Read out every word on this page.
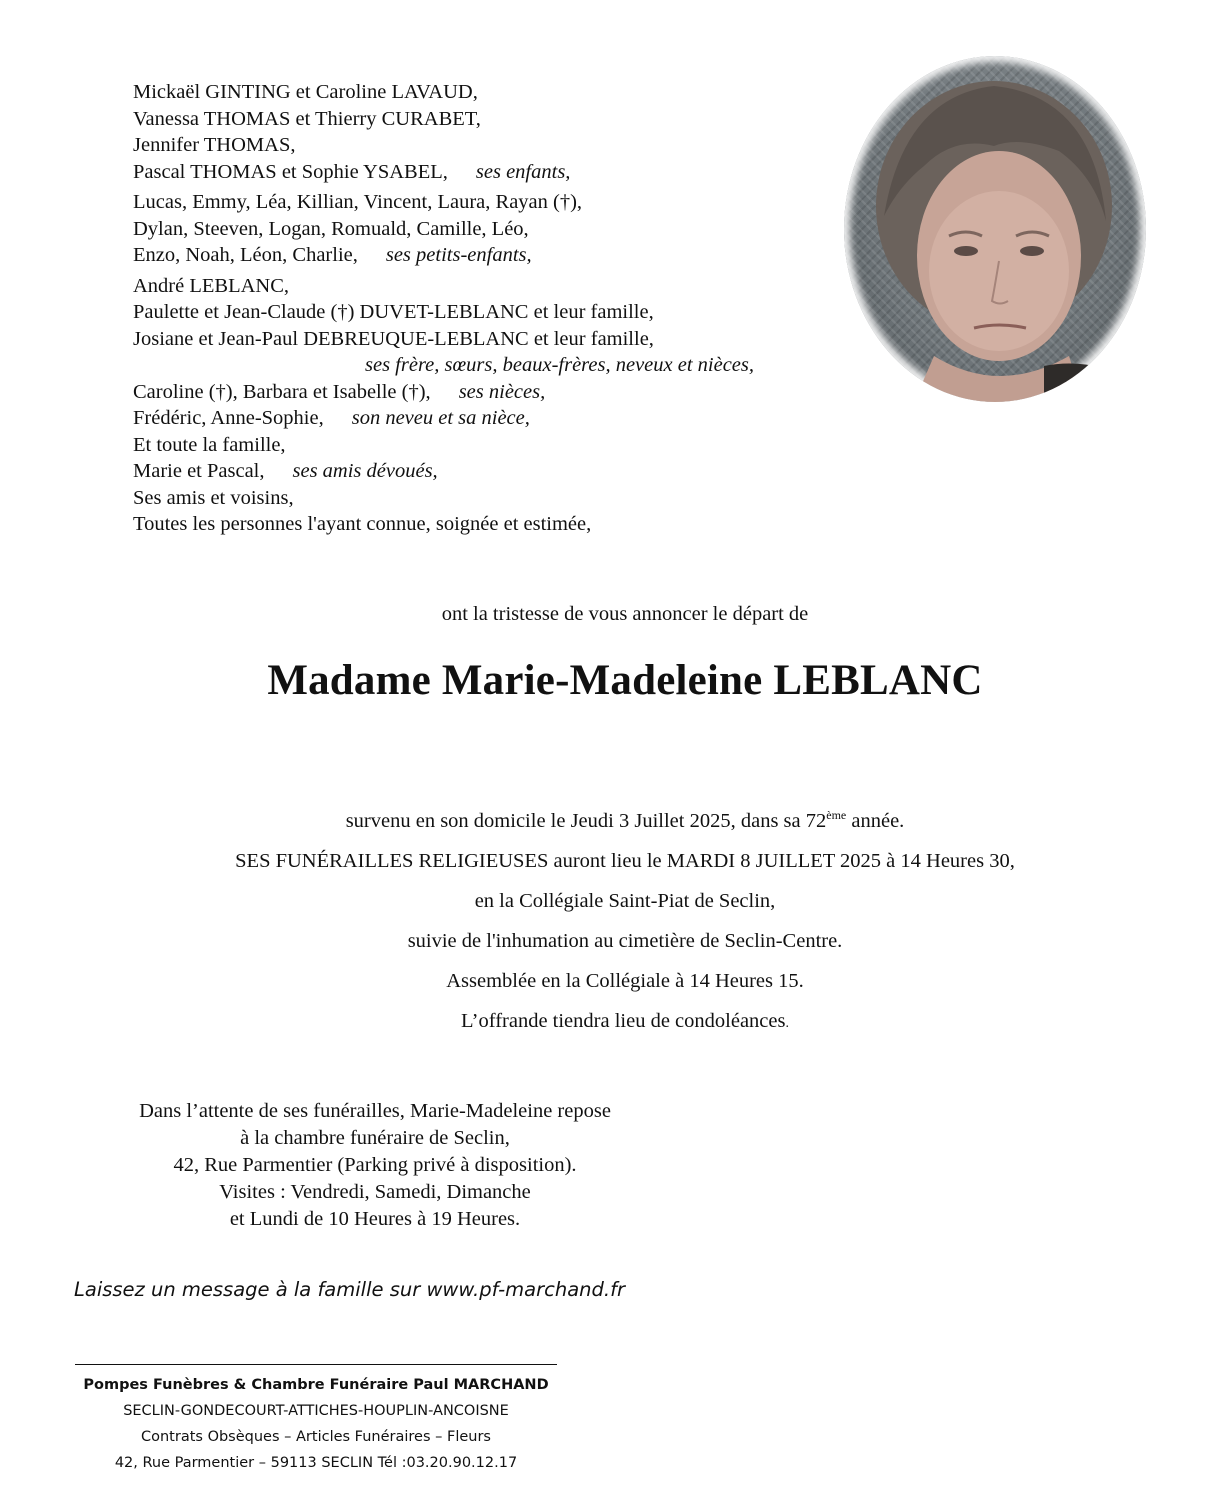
Mickaël GINTING et Caroline LAVAUD,
Vanessa THOMAS et Thierry CURABET,
Jennifer THOMAS,
Pascal THOMAS et Sophie YSABEL, ses enfants,
Lucas, Emmy, Léa, Killian, Vincent, Laura, Rayan (†),
Dylan, Steeven, Logan, Romuald, Camille, Léo,
Enzo, Noah, Léon, Charlie, ses petits-enfants,
André LEBLANC,
Paulette et Jean-Claude (†) DUVET-LEBLANC et leur famille,
Josiane et Jean-Paul DEBREUQUE-LEBLANC et leur famille,
ses frère, sœurs, beaux-frères, neveux et nièces,
Caroline (†), Barbara et Isabelle (†), ses nièces,
Frédéric, Anne-Sophie, son neveu et sa nièce,
Et toute la famille,
Marie et Pascal, ses amis dévoués,
Ses amis et voisins,
Toutes les personnes l'ayant connue, soignée et estimée,
ont la tristesse de vous annoncer le départ de
Madame Marie-Madeleine LEBLANC
survenu en son domicile le Jeudi 3 Juillet 2025, dans sa 72ème année.
SES FUNÉRAILLES RELIGIEUSES auront lieu le MARDI 8 JUILLET 2025 à 14 Heures 30,
en la Collégiale Saint-Piat de Seclin,
suivie de l'inhumation au cimetière de Seclin-Centre.
Assemblée en la Collégiale à 14 Heures 15.
L’offrande tiendra lieu de condoléances.
Dans l’attente de ses funérailles, Marie-Madeleine repose
à la chambre funéraire de Seclin,
42, Rue Parmentier (Parking privé à disposition).
Visites : Vendredi, Samedi, Dimanche
et Lundi de 10 Heures à 19 Heures.
Laissez un message à la famille sur www.pf-marchand.fr
Pompes Funèbres & Chambre Funéraire Paul MARCHAND
SECLIN-GONDECOURT-ATTICHES-HOUPLIN-ANCOISNE
Contrats Obsèques – Articles Funéraires – Fleurs
42, Rue Parmentier – 59113 SECLIN Tél :03.20.90.12.17
